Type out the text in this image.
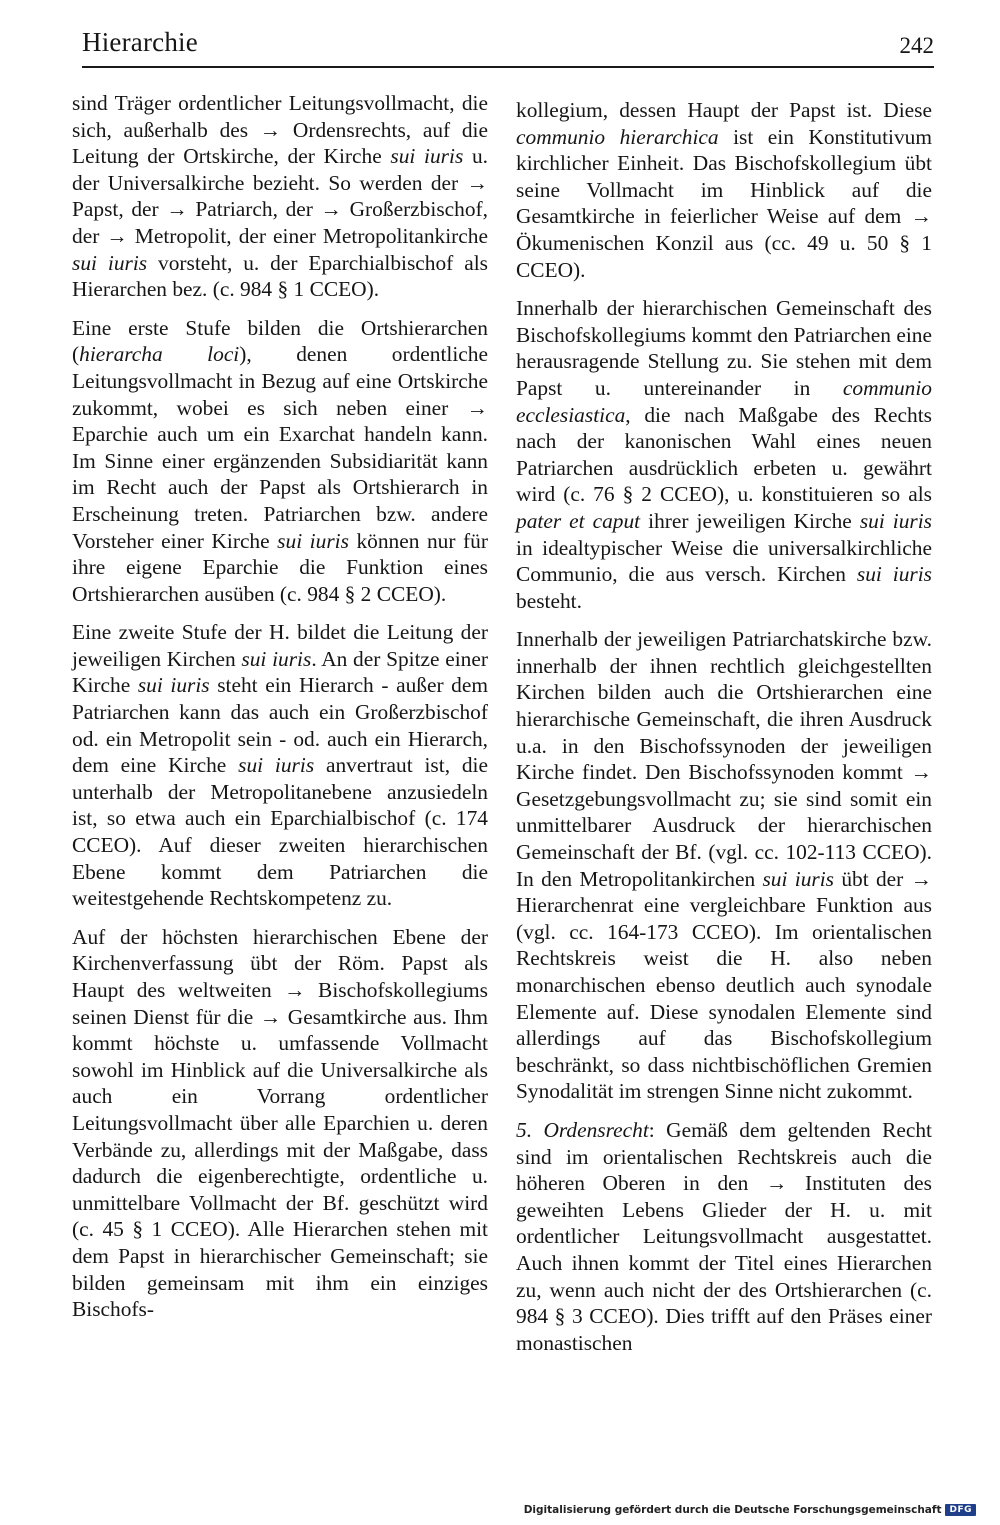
Hierarchie	242

sind Träger ordentlicher Leitungsvollmacht, die sich, außerhalb des → Ordensrechts, auf die Leitung der Ortskirche, der Kirche sui iuris u. der Universalkirche bezieht. So werden der → Papst, der → Patriarch, der → Großerzbischof, der → Metropolit, der einer Metropolitankirche sui iuris vorsteht, u. der Eparchialbischof als Hierarchen bez. (c. 984 § 1 CCEO).

Eine erste Stufe bilden die Ortshierarchen (hierarcha loci), denen ordentliche Leitungsvollmacht in Bezug auf eine Ortskirche zukommt, wobei es sich neben einer → Eparchie auch um ein Exarchat handeln kann. Im Sinne einer ergänzenden Subsidiarität kann im Recht auch der Papst als Ortshierarch in Erscheinung treten. Patriarchen bzw. andere Vorsteher einer Kirche sui iuris können nur für ihre eigene Eparchie die Funktion eines Ortshierarchen ausüben (c. 984 § 2 CCEO).

Eine zweite Stufe der H. bildet die Leitung der jeweiligen Kirchen sui iuris. An der Spitze einer Kirche sui iuris steht ein Hierarch - außer dem Patriarchen kann das auch ein Großerzbischof od. ein Metropolit sein - od. auch ein Hierarch, dem eine Kirche sui iuris anvertraut ist, die unterhalb der Metropolitanebene anzusiedeln ist, so etwa auch ein Eparchialbischof (c. 174 CCEO). Auf dieser zweiten hierarchischen Ebene kommt dem Patriarchen die weitestgehende Rechtskompetenz zu.

Auf der höchsten hierarchischen Ebene der Kirchenverfassung übt der Röm. Papst als Haupt des weltweiten → Bischofskollegiums seinen Dienst für die → Gesamtkirche aus. Ihm kommt höchste u. umfassende Vollmacht sowohl im Hinblick auf die Universalkirche als auch ein Vorrang ordentlicher Leitungsvollmacht über alle Eparchien u. deren Verbände zu, allerdings mit der Maßgabe, dass dadurch die eigenberechtigte, ordentliche u. unmittelbare Vollmacht der Bf. geschützt wird (c. 45 § 1 CCEO). Alle Hierarchen stehen mit dem Papst in hierarchischer Gemeinschaft; sie bilden gemeinsam mit ihm ein einziges Bischofs-

kollegium, dessen Haupt der Papst ist. Diese communio hierarchica ist ein Konstitutivum kirchlicher Einheit. Das Bischofskollegium übt seine Vollmacht im Hinblick auf die Gesamtkirche in feierlicher Weise auf dem → Ökumenischen Konzil aus (cc. 49 u. 50 § 1 CCEO).

Innerhalb der hierarchischen Gemeinschaft des Bischofskollegiums kommt den Patriarchen eine herausragende Stellung zu. Sie stehen mit dem Papst u. untereinander in communio ecclesiastica, die nach Maßgabe des Rechts nach der kanonischen Wahl eines neuen Patriarchen ausdrücklich erbeten u. gewährt wird (c. 76 § 2 CCEO), u. konstituieren so als pater et caput ihrer jeweiligen Kirche sui iuris in idealtypischer Weise die universalkirchliche Communio, die aus versch. Kirchen sui iuris besteht.

Innerhalb der jeweiligen Patriarchatskirche bzw. innerhalb der ihnen rechtlich gleichgestellten Kirchen bilden auch die Ortshierarchen eine hierarchische Gemeinschaft, die ihren Ausdruck u.a. in den Bischofssynoden der jeweiligen Kirche findet. Den Bischofssynoden kommt → Gesetzgebungsvollmacht zu; sie sind somit ein unmittelbarer Ausdruck der hierarchischen Gemeinschaft der Bf. (vgl. cc. 102-113 CCEO). In den Metropolitankirchen sui iuris übt der → Hierarchenrat eine vergleichbare Funktion aus (vgl. cc. 164-173 CCEO). Im orientalischen Rechtskreis weist die H. also neben monarchischen ebenso deutlich auch synodale Elemente auf. Diese synodalen Elemente sind allerdings auf das Bischofskollegium beschränkt, so dass nichtbischöflichen Gremien Synodalität im strengen Sinne nicht zukommt.

5. Ordensrecht: Gemäß dem geltenden Recht sind im orientalischen Rechtskreis auch die höheren Oberen in den → Instituten des geweihten Lebens Glieder der H. u. mit ordentlicher Leitungsvollmacht ausgestattet. Auch ihnen kommt der Titel eines Hierarchen zu, wenn auch nicht der des Ortshierarchen (c. 984 § 3 CCEO). Dies trifft auf den Präses einer monastischen

Digitalisierung gefördert durch die Deutsche Forschungsgemeinschaft DFG
